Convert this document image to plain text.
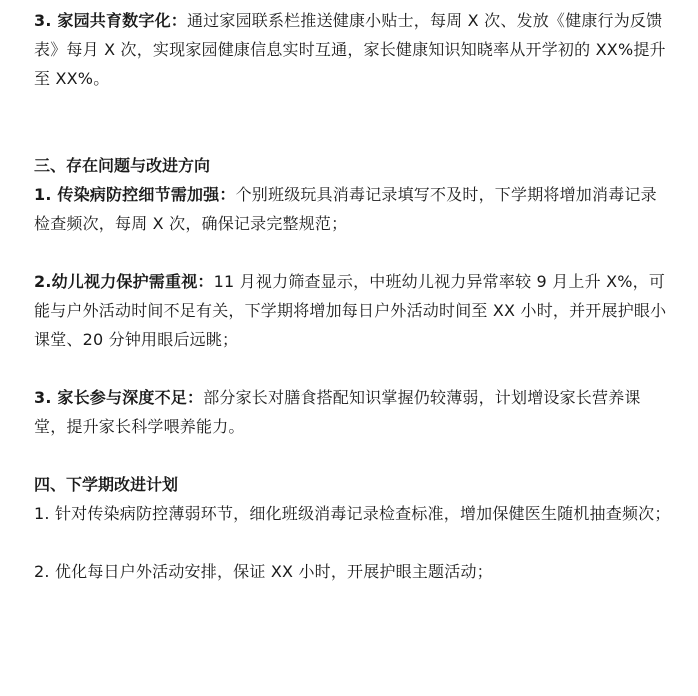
3. 家园共育数字化：通过家园联系栏推送健康小贴士，每周 X 次、发放《健康行为反馈表》每月 X 次，实现家园健康信息实时互通，家长健康知识知晓率从开学初的 XX%提升至 XX%。

三、存在问题与改进方向

1. 传染病防控细节需加强：个别班级玩具消毒记录填写不及时，下学期将增加消毒记录检查频次，每周 X 次，确保记录完整规范；

2.幼儿视力保护需重视：11 月视力筛查显示，中班幼儿视力异常率较 9 月上升 X%，可能与户外活动时间不足有关，下学期将增加每日户外活动时间至 XX 小时，并开展护眼小课堂、20 分钟用眼后远眺；

3. 家长参与深度不足：部分家长对膳食搭配知识掌握仍较薄弱，计划增设家长营养课堂，提升家长科学喂养能力。

四、下学期改进计划

1. 针对传染病防控薄弱环节，细化班级消毒记录检查标准，增加保健医生随机抽查频次；

2. 优化每日户外活动安排，保证 XX 小时，开展护眼主题活动；
